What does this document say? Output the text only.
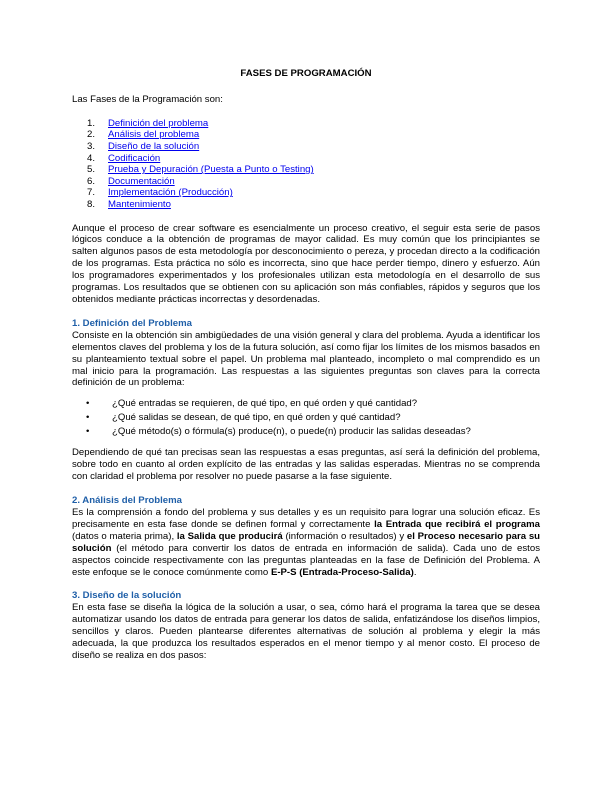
FASES DE PROGRAMACIÓN

Las Fases de la Programación son:

1. Definición del problema
2. Análisis del problema
3. Diseño de la solución
4. Codificación
5. Prueba y Depuración (Puesta a Punto o Testing)
6. Documentación
7. Implementación (Producción)
8. Mantenimiento

Aunque el proceso de crear software es esencialmente un proceso creativo, el seguir esta serie de pasos lógicos conduce a la obtención de programas de mayor calidad. Es muy común que los principiantes se salten algunos pasos de esta metodología por desconocimiento o pereza, y procedan directo a la codificación de los programas. Esta práctica no sólo es incorrecta, sino que hace perder tiempo, dinero y esfuerzo. Aún los programadores experimentados y los profesionales utilizan esta metodología en el desarrollo de sus programas. Los resultados que se obtienen con su aplicación son más confiables, rápidos y seguros que los obtenidos mediante prácticas incorrectas y desordenadas.

1. Definición del Problema

Consiste en la obtención sin ambigüedades de una visión general y clara del problema. Ayuda a identificar los elementos claves del problema y los de la futura solución, así como fijar los límites de los mismos basados en su planteamiento textual sobre el papel. Un problema mal planteado, incompleto o mal comprendido es un mal inicio para la programación. Las respuestas a las siguientes preguntas son claves para la correcta definición de un problema:

• ¿Qué entradas se requieren, de qué tipo, en qué orden y qué cantidad?
• ¿Qué salidas se desean, de qué tipo, en qué orden y qué cantidad?
• ¿Qué método(s) o fórmula(s) produce(n), o puede(n) producir las salidas deseadas?

Dependiendo de qué tan precisas sean las respuestas a esas preguntas, así será la definición del problema, sobre todo en cuanto al orden explícito de las entradas y las salidas esperadas. Mientras no se comprenda con claridad el problema por resolver no puede pasarse a la fase siguiente.

2. Análisis del Problema

Es la comprensión a fondo del problema y sus detalles y es un requisito para lograr una solución eficaz. Es precisamente en esta fase donde se definen formal y correctamente la Entrada que recibirá el programa (datos o materia prima), la Salida que producirá (información o resultados) y el Proceso necesario para su solución (el método para convertir los datos de entrada en información de salida). Cada uno de estos aspectos coincide respectivamente con las preguntas planteadas en la fase de Definición del Problema. A este enfoque se le conoce comúnmente como E-P-S (Entrada-Proceso-Salida).

3. Diseño de la solución

En esta fase se diseña la lógica de la solución a usar, o sea, cómo hará el programa la tarea que se desea automatizar usando los datos de entrada para generar los datos de salida, enfatizándose los diseños limpios, sencillos y claros. Pueden plantearse diferentes alternativas de solución al problema y elegir la más adecuada, la que produzca los resultados esperados en el menor tiempo y al menor costo. El proceso de diseño se realiza en dos pasos:
